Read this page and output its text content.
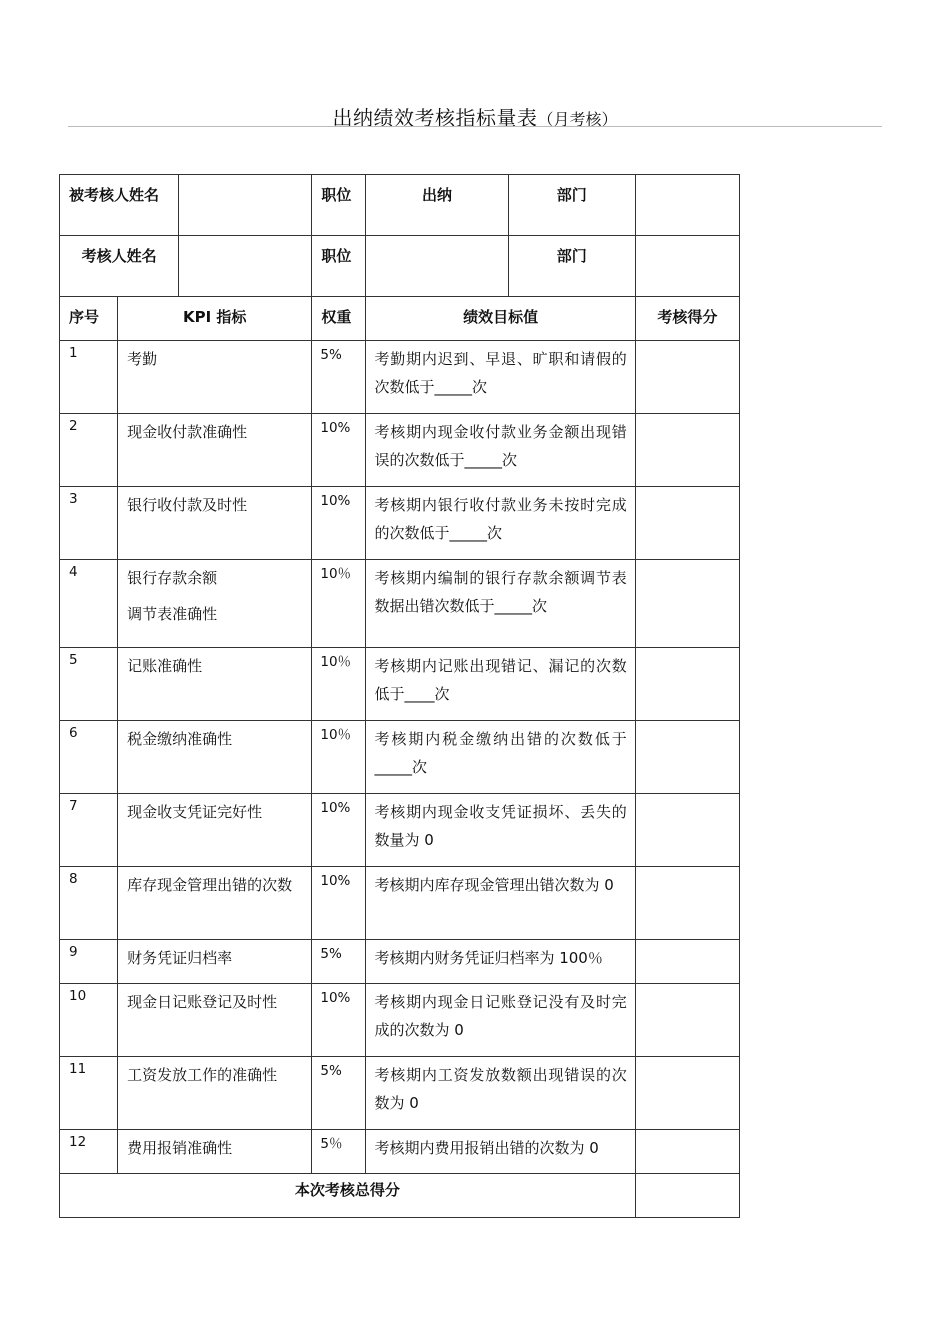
出纳绩效考核指标量表（月考核）
被考核人姓名			职位	出纳	部门	
考核人姓名			职位		部门	
序号	KPI 指标		权重	绩效目标值		考核得分
1	考勤		5%	考勤期内迟到、早退、旷职和请假的次数低于_____次		
2	现金收付款准确性		10%	考核期内现金收付款业务金额出现错误的次数低于_____次		
3	银行收付款及时性		10%	考核期内银行收付款业务未按时完成的次数低于_____次		
4	银行存款余额
调节表准确性		10％	考核期内编制的银行存款余额调节表数据出错次数低于_____次		
5	记账准确性		10％	考核期内记账出现错记、漏记的次数低于____次		
6	税金缴纳准确性		10％	考核期内税金缴纳出错的次数低于_____次		
7	现金收支凭证完好性		10%	考核期内现金收支凭证损坏、丢失的数量为 0		
8	库存现金管理出错的次数		10%	考核期内库存现金管理出错次数为 0		
9	财务凭证归档率		5%	考核期内财务凭证归档率为 100％		
10	现金日记账登记及时性		10%	考核期内现金日记账登记没有及时完成的次数为 0		
11	工资发放工作的准确性		5%	考核期内工资发放数额出现错误的次数为 0		
12	费用报销准确性		5％	考核期内费用报销出错的次数为 0		
本次考核总得分						
